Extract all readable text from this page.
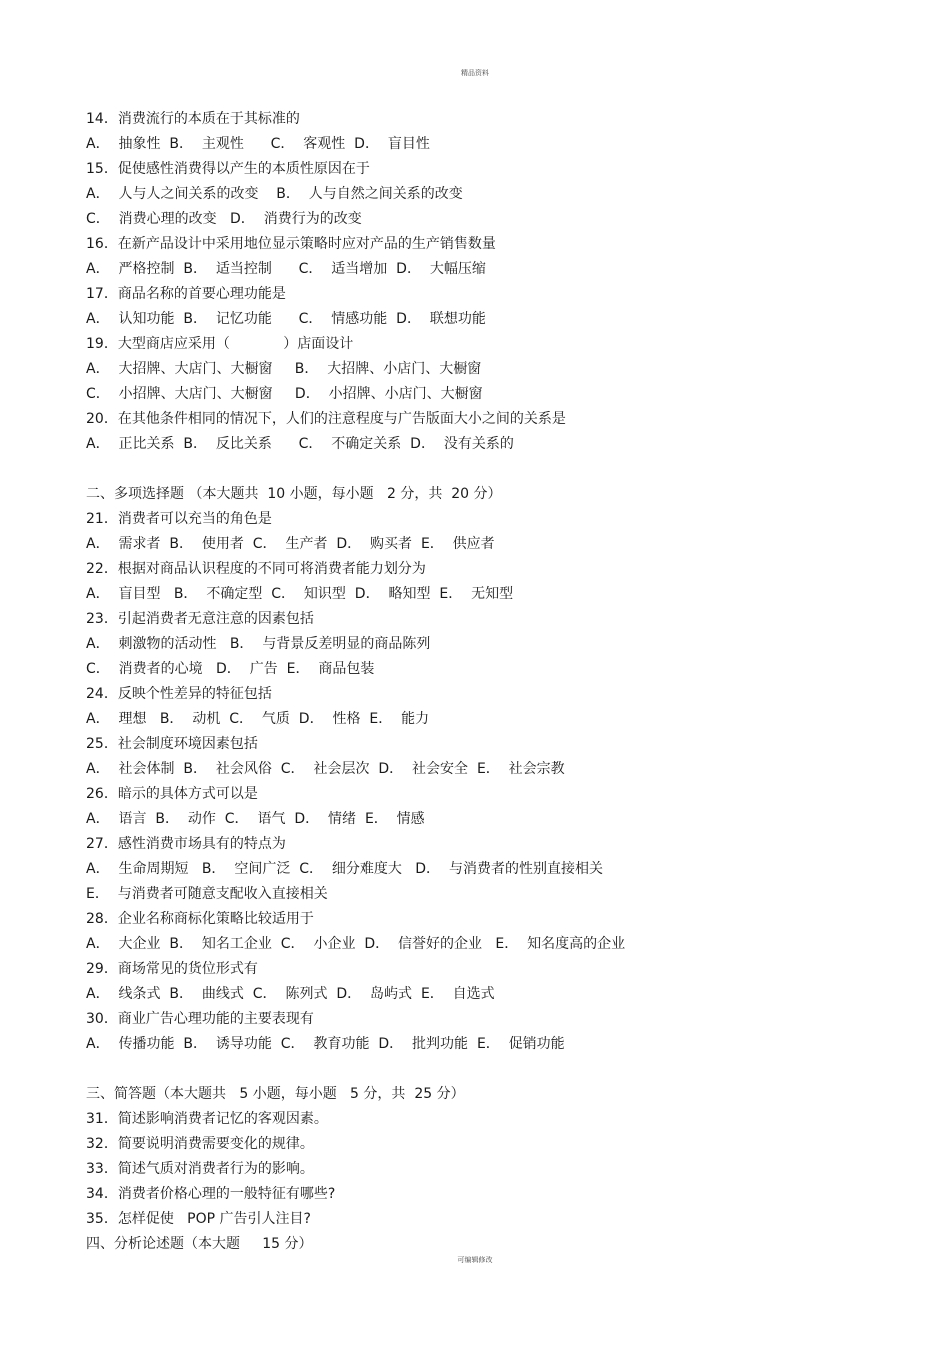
精品资料
14．消费流行的本质在于其标准的
A．  抽象性  B．  主观性      C．  客观性  D．  盲目性
15．促使感性消费得以产生的本质性原因在于
A．  人与人之间关系的改变    B．  人与自然之间关系的改变
C．  消费心理的改变   D．  消费行为的改变
16．在新产品设计中采用地位显示策略时应对产品的生产销售数量
A．  严格控制  B．  适当控制      C．  适当增加  D．  大幅压缩
17．商品名称的首要心理功能是
A．  认知功能  B．  记忆功能      C．  情感功能  D．  联想功能
19．大型商店应采用（            ）店面设计
A．  大招牌、大店门、大橱窗     B．  大招牌、小店门、大橱窗
C．  小招牌、大店门、大橱窗     D．  小招牌、小店门、大橱窗
20．在其他条件相同的情况下，人们的注意程度与广告版面大小之间的关系是
A．  正比关系  B．  反比关系      C．  不确定关系  D．  没有关系的
二、多项选择题 （本大题共  10 小题，每小题   2 分，共  20 分）
21．消费者可以充当的角色是
A．  需求者  B．  使用者  C．  生产者  D．  购买者  E．  供应者
22．根据对商品认识程度的不同可将消费者能力划分为
A．  盲目型   B．  不确定型  C．  知识型  D．  略知型  E．  无知型
23．引起消费者无意注意的因素包括
A．  刺激物的活动性   B．  与背景反差明显的商品陈列
C．  消费者的心境   D．  广告  E．  商品包装
24．反映个性差异的特征包括
A．  理想   B．  动机  C．  气质  D．  性格  E．  能力
25．社会制度环境因素包括
A．  社会体制  B．  社会风俗  C．  社会层次  D．  社会安全  E．  社会宗教
26．暗示的具体方式可以是
A．  语言  B．  动作  C．  语气  D．  情绪  E．  情感
27．感性消费市场具有的特点为
A．  生命周期短   B．  空间广泛  C．  细分难度大   D．  与消费者的性别直接相关
E．  与消费者可随意支配收入直接相关
28．企业名称商标化策略比较适用于
A．  大企业  B．  知名工企业  C．  小企业  D．  信誉好的企业   E．  知名度高的企业
29．商场常见的货位形式有
A．  线条式  B．  曲线式  C．  陈列式  D．  岛屿式  E．  自选式
30．商业广告心理功能的主要表现有
A．  传播功能  B．  诱导功能  C．  教育功能  D．  批判功能  E．  促销功能
三、简答题（本大题共   5 小题，每小题   5 分，共  25 分）
31．简述影响消费者记忆的客观因素。
32．简要说明消费需要变化的规律。
33．简述气质对消费者行为的影响。
34．消费者价格心理的一般特征有哪些?
35．怎样促使   POP 广告引人注目?
四、分析论述题（本大题     15 分）
可编辑修改
